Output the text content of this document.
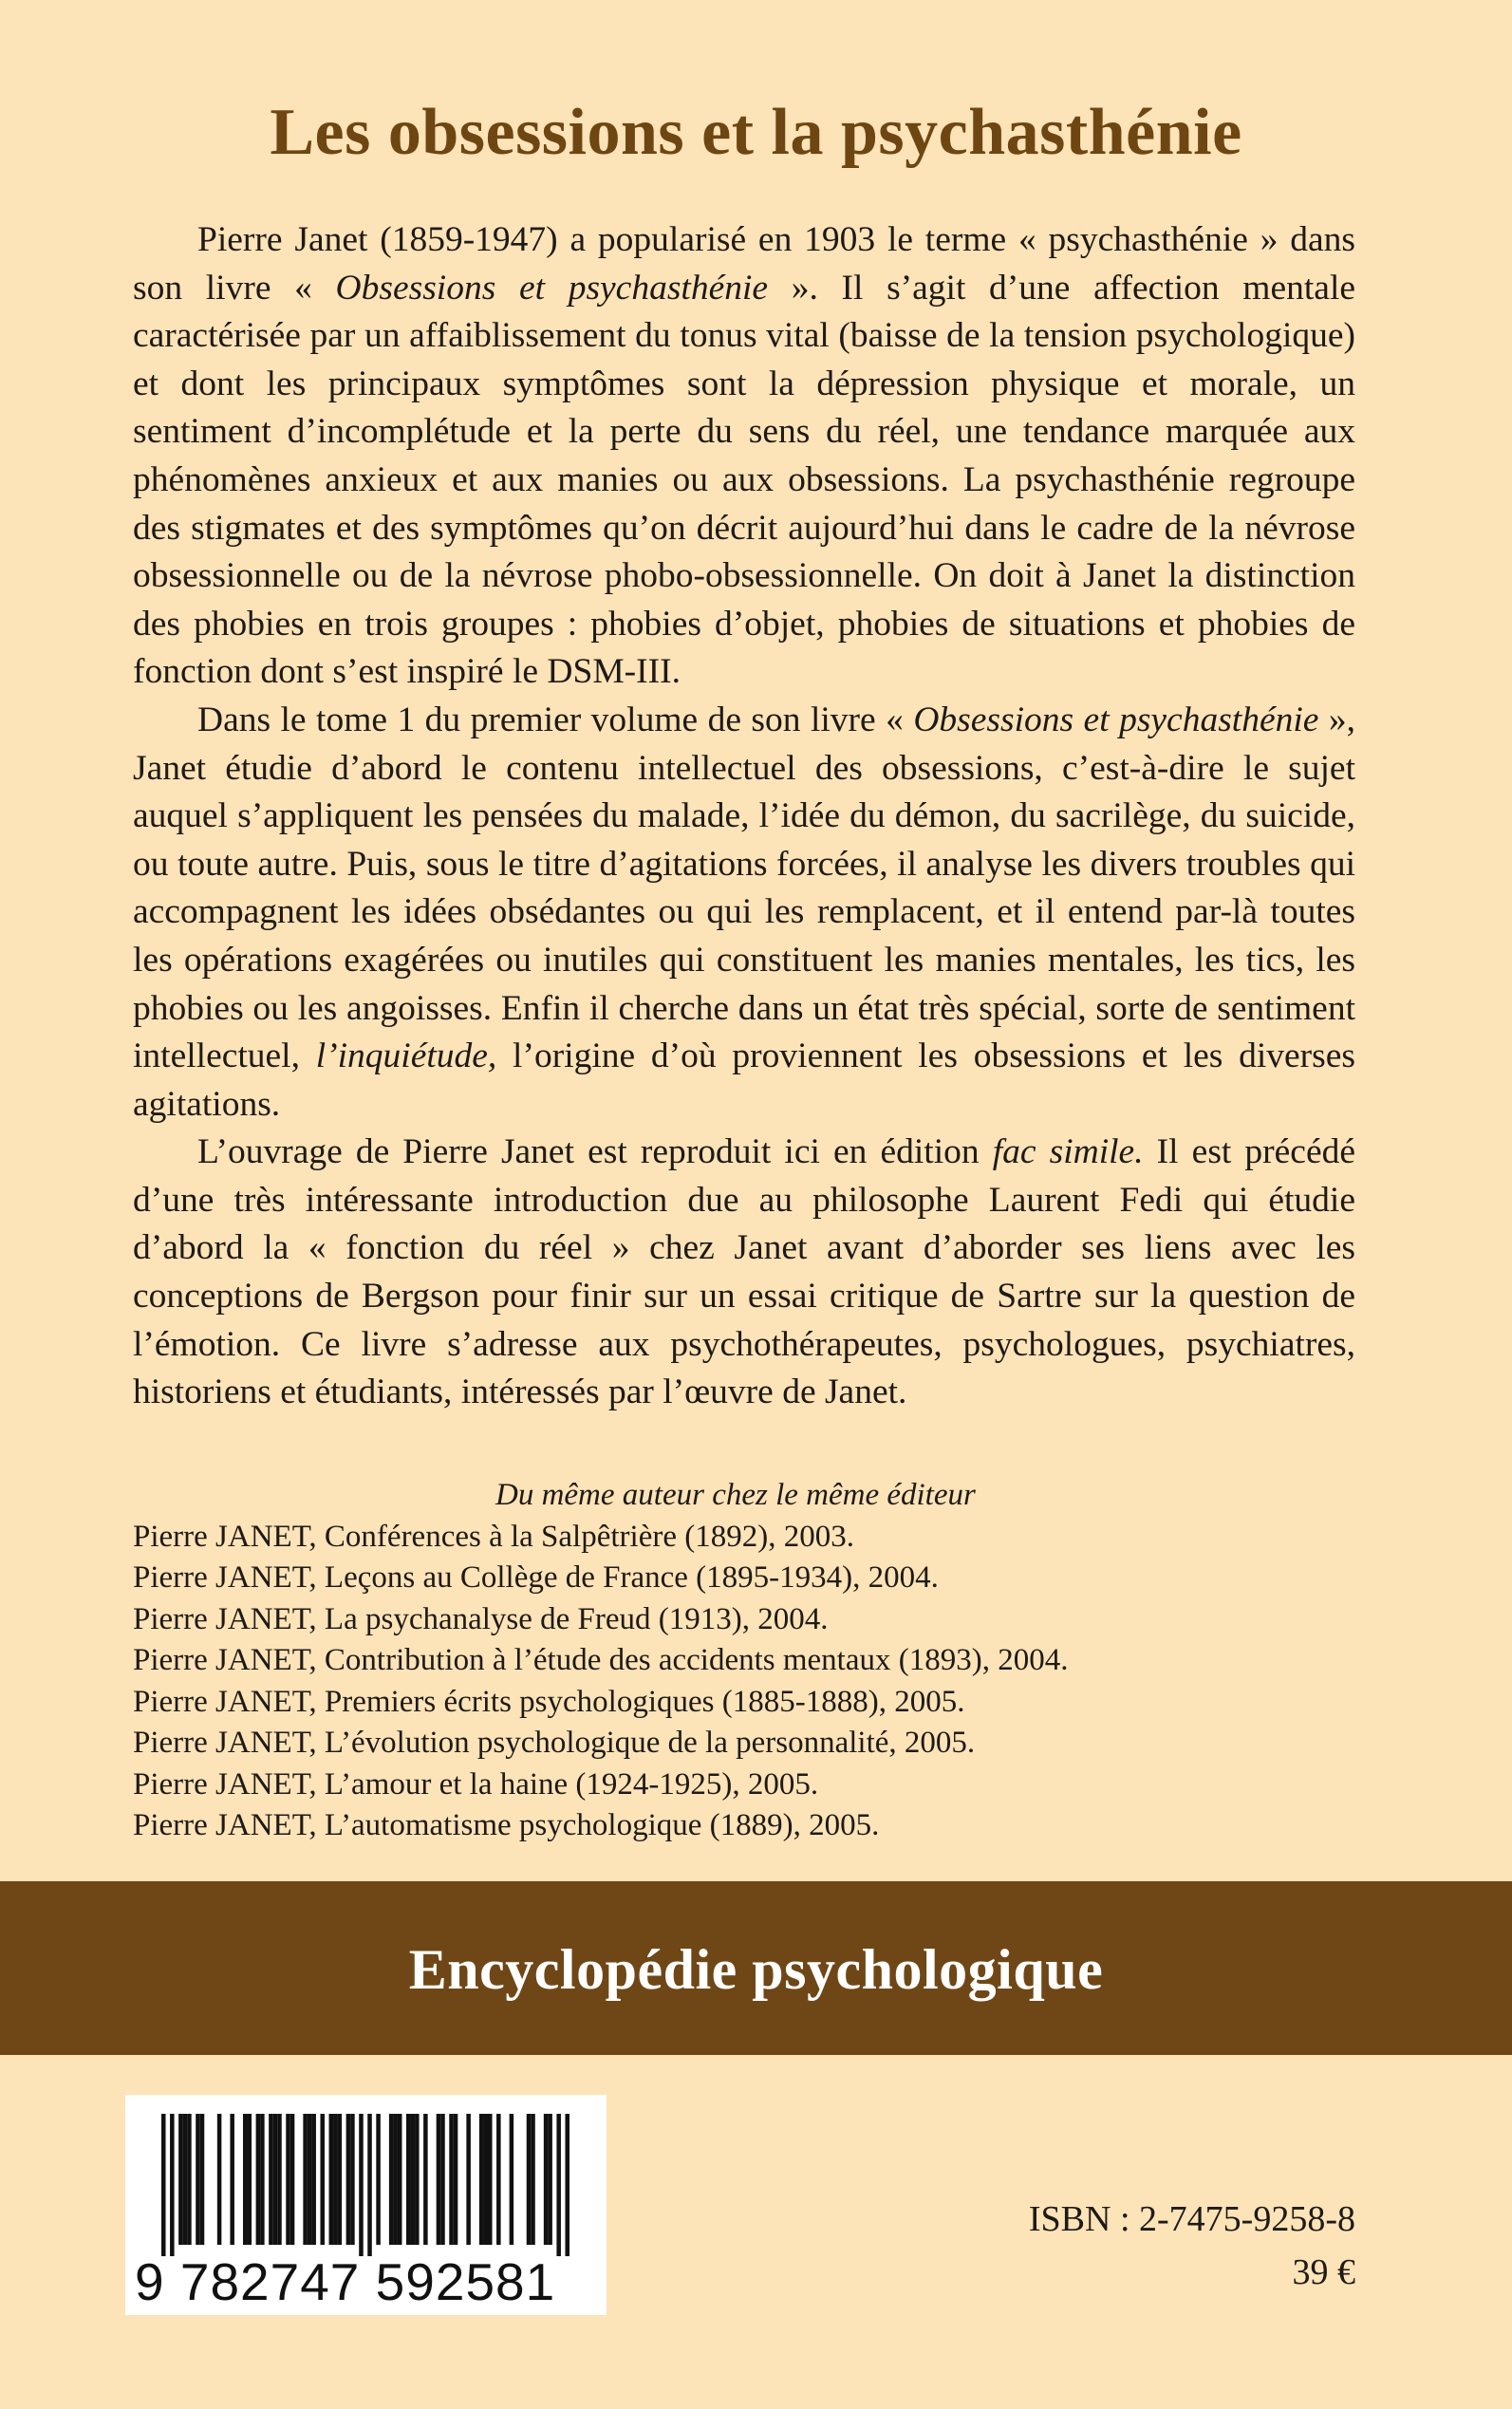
Les obsessions et la psychasthénie

Pierre Janet (1859-1947) a popularisé en 1903 le terme « psychasthénie » dans son livre « Obsessions et psychasthénie ». Il s’agit d’une affection mentale caractérisée par un affaiblissement du tonus vital (baisse de la tension psychologique) et dont les principaux symptômes sont la dépression physique et morale, un sentiment d’incomplétude et la perte du sens du réel, une tendance marquée aux phénomènes anxieux et aux manies ou aux obsessions. La psychasthénie regroupe des stigmates et des symptômes qu’on décrit aujourd’hui dans le cadre de la névrose obsessionnelle ou de la névrose phobo-obsessionnelle. On doit à Janet la distinction des phobies en trois groupes : phobies d’objet, phobies de situations et phobies de fonction dont s’est inspiré le DSM-III.

Dans le tome 1 du premier volume de son livre « Obsessions et psychasthénie », Janet étudie d’abord le contenu intellectuel des obsessions, c’est-à-dire le sujet auquel s’appliquent les pensées du malade, l’idée du démon, du sacrilège, du suicide, ou toute autre. Puis, sous le titre d’agitations forcées, il analyse les divers troubles qui accompagnent les idées obsédantes ou qui les remplacent, et il entend par-là toutes les opérations exagérées ou inutiles qui constituent les manies mentales, les tics, les phobies ou les angoisses. Enfin il cherche dans un état très spécial, sorte de sentiment intellectuel, l’inquiétude, l’origine d’où proviennent les obsessions et les diverses agitations.

L’ouvrage de Pierre Janet est reproduit ici en édition fac simile. Il est précédé d’une très intéressante introduction due au philosophe Laurent Fedi qui étudie d’abord la « fonction du réel » chez Janet avant d’aborder ses liens avec les conceptions de Bergson pour finir sur un essai critique de Sartre sur la question de l’émotion. Ce livre s’adresse aux psychothérapeutes, psychologues, psychiatres, historiens et étudiants, intéressés par l’œuvre de Janet.

Du même auteur chez le même éditeur

Pierre JANET, Conférences à la Salpêtrière (1892), 2003.
Pierre JANET, Leçons au Collège de France (1895-1934), 2004.
Pierre JANET, La psychanalyse de Freud (1913), 2004.
Pierre JANET, Contribution à l’étude des accidents mentaux (1893), 2004.
Pierre JANET, Premiers écrits psychologiques (1885-1888), 2005.
Pierre JANET, L’évolution psychologique de la personnalité, 2005.
Pierre JANET, L’amour et la haine (1924-1925), 2005.
Pierre JANET, L’automatisme psychologique (1889), 2005.
Encyclopédie psychologique
9 782747 592581

ISBN : 2-7475-9258-8

39 €
